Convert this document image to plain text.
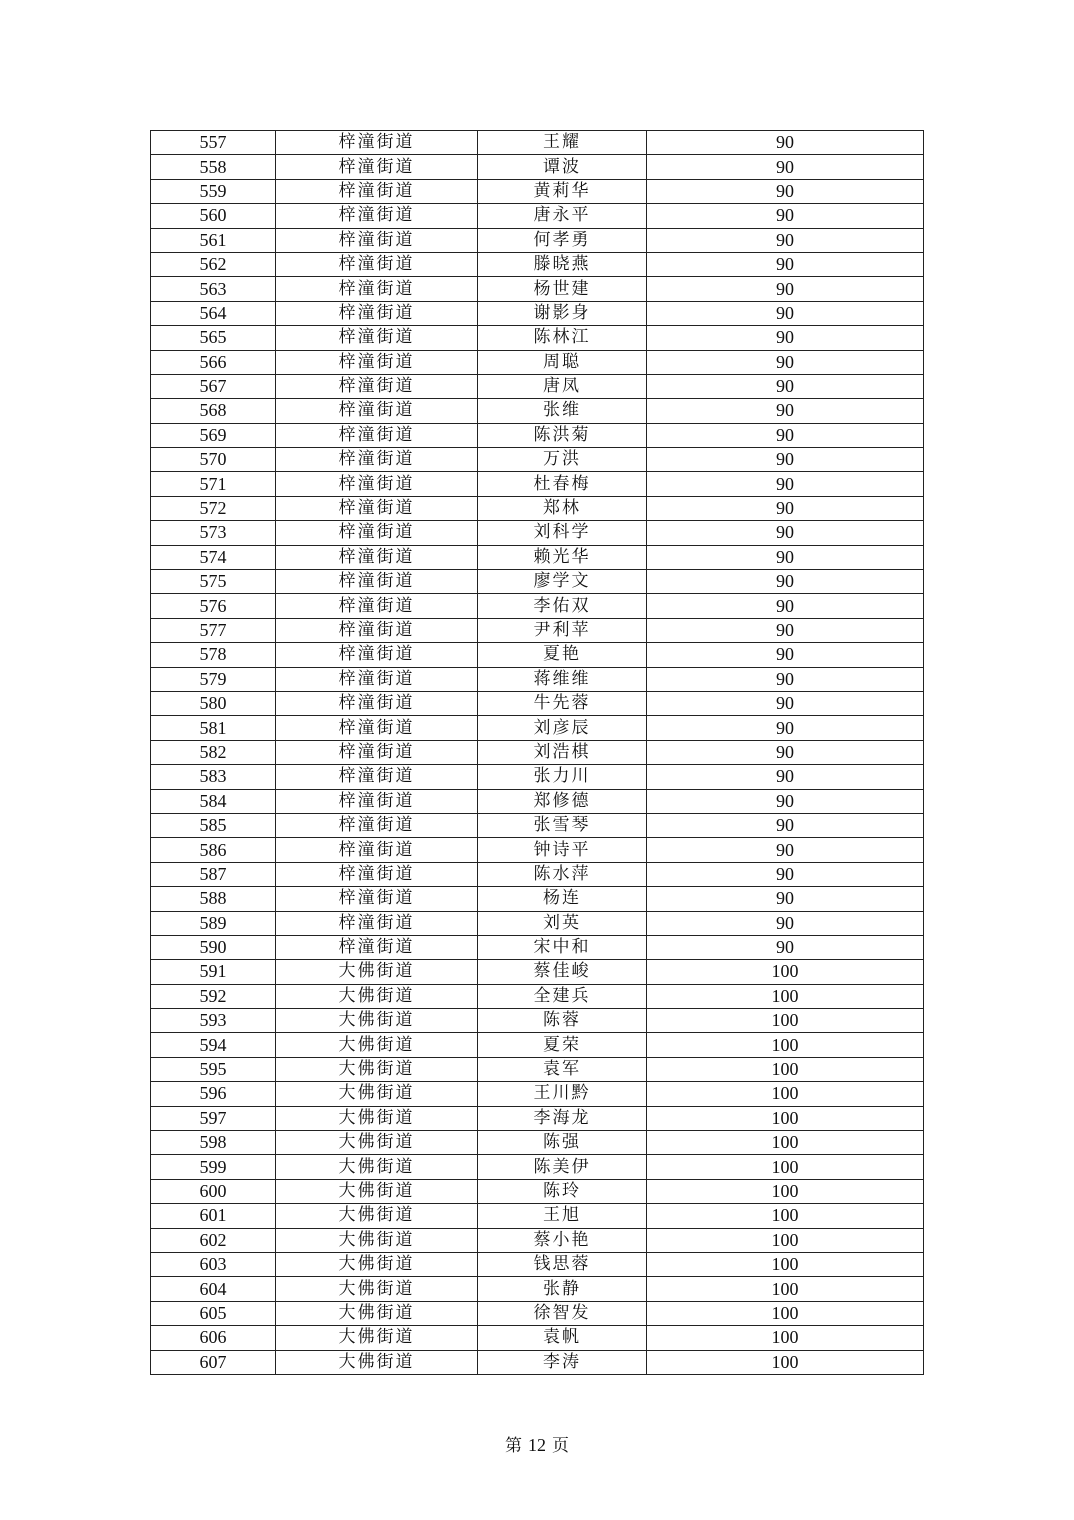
557	梓潼街道	王耀	90
558	梓潼街道	谭波	90
559	梓潼街道	黄莉华	90
560	梓潼街道	唐永平	90
561	梓潼街道	何孝勇	90
562	梓潼街道	滕晓燕	90
563	梓潼街道	杨世建	90
564	梓潼街道	谢影身	90
565	梓潼街道	陈林江	90
566	梓潼街道	周聪	90
567	梓潼街道	唐凤	90
568	梓潼街道	张维	90
569	梓潼街道	陈洪菊	90
570	梓潼街道	万洪	90
571	梓潼街道	杜春梅	90
572	梓潼街道	郑林	90
573	梓潼街道	刘科学	90
574	梓潼街道	赖光华	90
575	梓潼街道	廖学文	90
576	梓潼街道	李佑双	90
577	梓潼街道	尹利苹	90
578	梓潼街道	夏艳	90
579	梓潼街道	蒋维维	90
580	梓潼街道	牛先蓉	90
581	梓潼街道	刘彦辰	90
582	梓潼街道	刘浩棋	90
583	梓潼街道	张力川	90
584	梓潼街道	郑修德	90
585	梓潼街道	张雪琴	90
586	梓潼街道	钟诗平	90
587	梓潼街道	陈水萍	90
588	梓潼街道	杨连	90
589	梓潼街道	刘英	90
590	梓潼街道	宋中和	90
591	大佛街道	蔡佳峻	100
592	大佛街道	全建兵	100
593	大佛街道	陈蓉	100
594	大佛街道	夏荣	100
595	大佛街道	袁军	100
596	大佛街道	王川黔	100
597	大佛街道	李海龙	100
598	大佛街道	陈强	100
599	大佛街道	陈美伊	100
600	大佛街道	陈玲	100
601	大佛街道	王旭	100
602	大佛街道	蔡小艳	100
603	大佛街道	钱思蓉	100
604	大佛街道	张静	100
605	大佛街道	徐智发	100
606	大佛街道	袁帆	100
607	大佛街道	李涛	100
第 12 页
